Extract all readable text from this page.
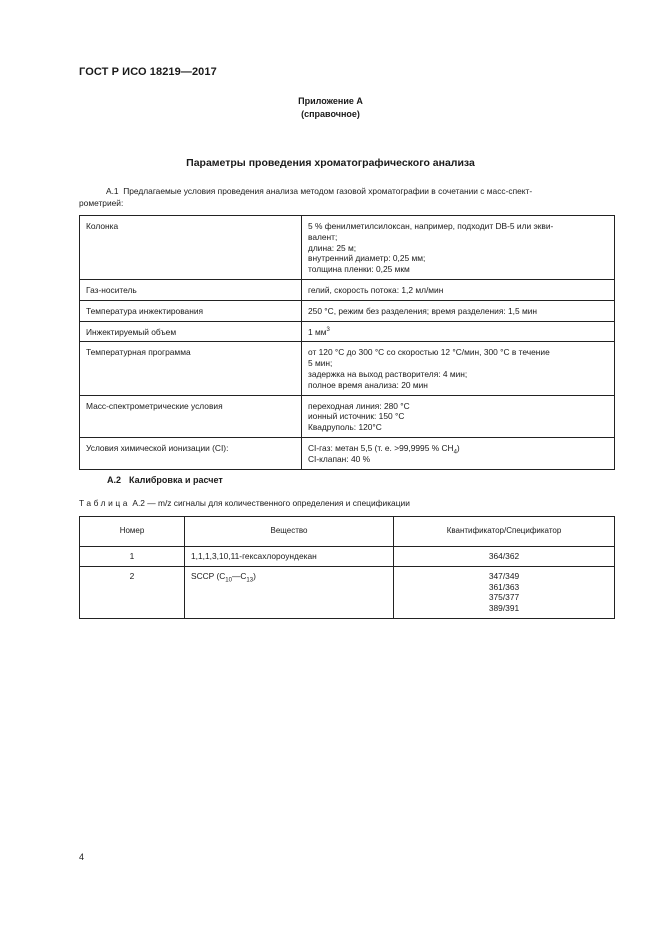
ГОСТ Р ИСО 18219—2017
Приложение А
(справочное)
Параметры проведения хроматографического анализа
А.1 Предлагаемые условия проведения анализа методом газовой хроматографии в сочетании с масс-спект-
рометрией:
Колонка	5 % фенилметилсилоксан, например, подходит DB-5 или экви-
валент;
длина: 25 м;
внутренний диаметр: 0,25 мм;
толщина пленки: 0,25 мкм

Газ-носитель	гелий, скорость потока: 1,2 мл/мин

Температура инжектирования	250 °С, режим без разделения; время разделения: 1,5 мин

Инжектируемый объем	1 $мм^3$
Температурная программа	от 120 °С до 300 °С со скоростью 12 °С/мин, 300 °С в течение
5 мин;
задержка на выход растворителя: 4 мин;
полное время анализа: 20 мин

Масс-спектрометрические условия	переходная линия: 280 °С
ионный источник: 150 °С
Квадруполь: 120°С

Условия химической ионизации (CI):	CI-газ: метан 5,5 (т. е. >99,9995 % $CH_4$)
CI-клапан: 40 %
А.2 Калибровка и расчет
Таблица А.2 — m/z сигналы для количественного определения и спецификации
Номер	Вещество	Квантификатор/Спецификатор
1	1,1,1,3,10,11-гексахлороундекан	364/362

2	SCCP $(C_{10}—C_{13})$	347/349
361/363
375/377
389/391
4
